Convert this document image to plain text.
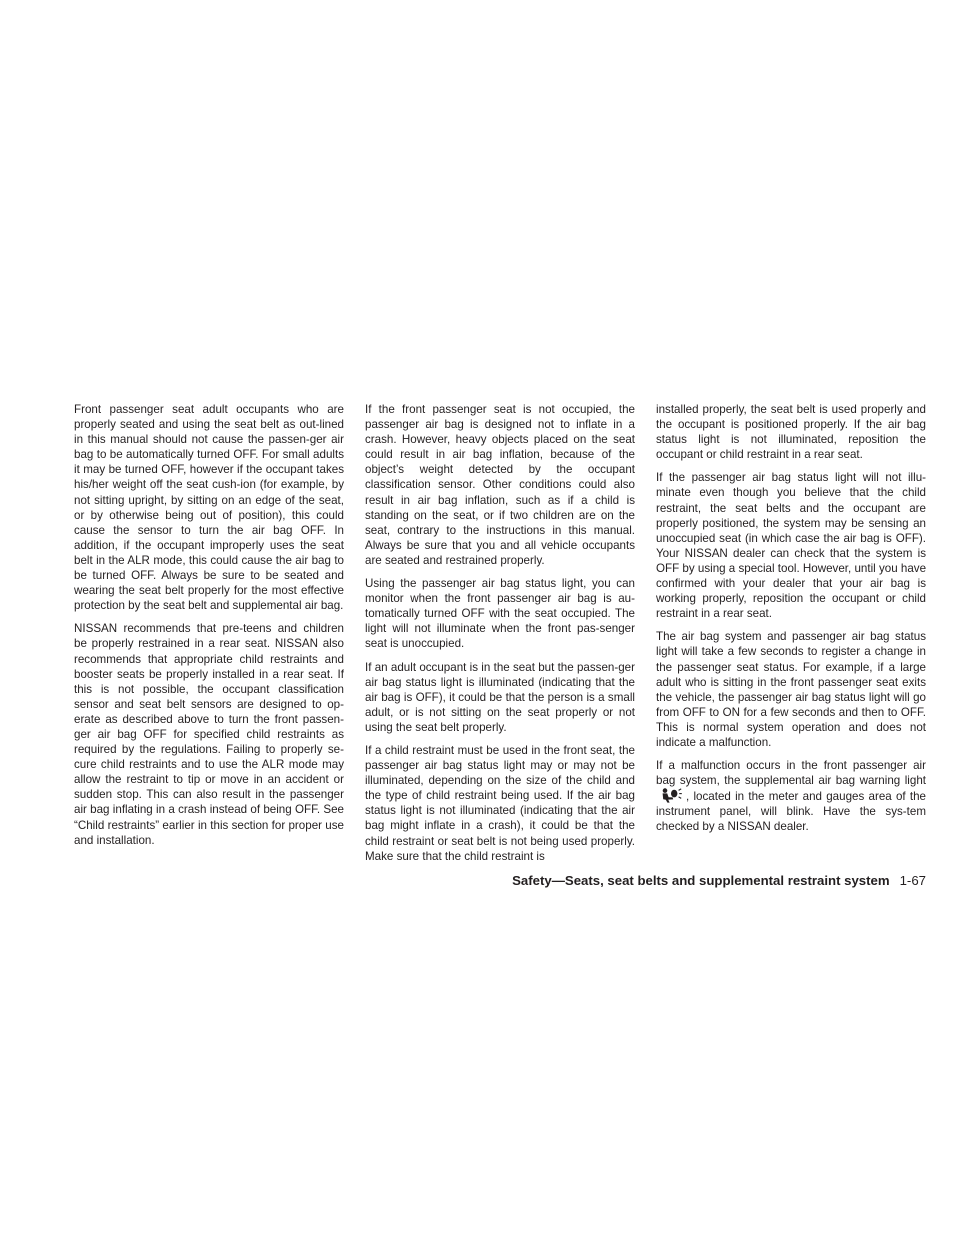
Front passenger seat adult occupants who are properly seated and using the seat belt as out-lined in this manual should not cause the passen-ger air bag to be automatically turned OFF. For small adults it may be turned OFF, however if the occupant takes his/her weight off the seat cush-ion (for example, by not sitting upright, by sitting on an edge of the seat, or by otherwise being out of position), this could cause the sensor to turn the air bag OFF. In addition, if the occupant improperly uses the seat belt in the ALR mode, this could cause the air bag to be turned OFF. Always be sure to be seated and wearing the seat belt properly for the most effective protection by the seat belt and supplemental air bag.

NISSAN recommends that pre-teens and children be properly restrained in a rear seat. NISSAN also recommends that appropriate child restraints and booster seats be properly installed in a rear seat. If this is not possible, the occupant classification sensor and seat belt sensors are designed to op-erate as described above to turn the front passen-ger air bag OFF for specified child restraints as required by the regulations. Failing to properly se-cure child restraints and to use the ALR mode may allow the restraint to tip or move in an accident or sudden stop. This can also result in the passenger air bag inflating in a crash instead of being OFF. See “Child restraints” earlier in this section for proper use and installation.

If the front passenger seat is not occupied, the passenger air bag is designed not to inflate in a crash. However, heavy objects placed on the seat could result in air bag inflation, because of the object’s weight detected by the occupant classification sensor. Other conditions could also result in air bag inflation, such as if a child is standing on the seat, or if two children are on the seat, contrary to the instructions in this manual. Always be sure that you and all vehicle occupants are seated and restrained properly.

Using the passenger air bag status light, you can monitor when the front passenger air bag is au-tomatically turned OFF with the seat occupied. The light will not illuminate when the front pas-senger seat is unoccupied.

If an adult occupant is in the seat but the passen-ger air bag status light is illuminated (indicating that the air bag is OFF), it could be that the person is a small adult, or is not sitting on the seat properly or not using the seat belt properly.

If a child restraint must be used in the front seat, the passenger air bag status light may or may not be illuminated, depending on the size of the child and the type of child restraint being used. If the air bag status light is not illuminated (indicating that the air bag might inflate in a crash), it could be that the child restraint or seat belt is not being used properly. Make sure that the child restraint is

installed properly, the seat belt is used properly and the occupant is positioned properly. If the air bag status light is not illuminated, reposition the occupant or child restraint in a rear seat.

If the passenger air bag status light will not illu-minate even though you believe that the child restraint, the seat belts and the occupant are properly positioned, the system may be sensing an unoccupied seat (in which case the air bag is OFF). Your NISSAN dealer can check that the system is OFF by using a special tool. However, until you have confirmed with your dealer that your air bag is working properly, reposition the occupant or child restraint in a rear seat.

The air bag system and passenger air bag status light will take a few seconds to register a change in the passenger seat status. For example, if a large adult who is sitting in the front passenger seat exits the vehicle, the passenger air bag status light will go from OFF to ON for a few seconds and then to OFF. This is normal system operation and does not indicate a malfunction.

If a malfunction occurs in the front passenger air bag system, the supplemental air bag warning light, located in the meter and gauges area of the instrument panel, will blink. Have the sys-tem checked by a NISSAN dealer.

Safety—Seats, seat belts and supplemental restraint system 1-67
